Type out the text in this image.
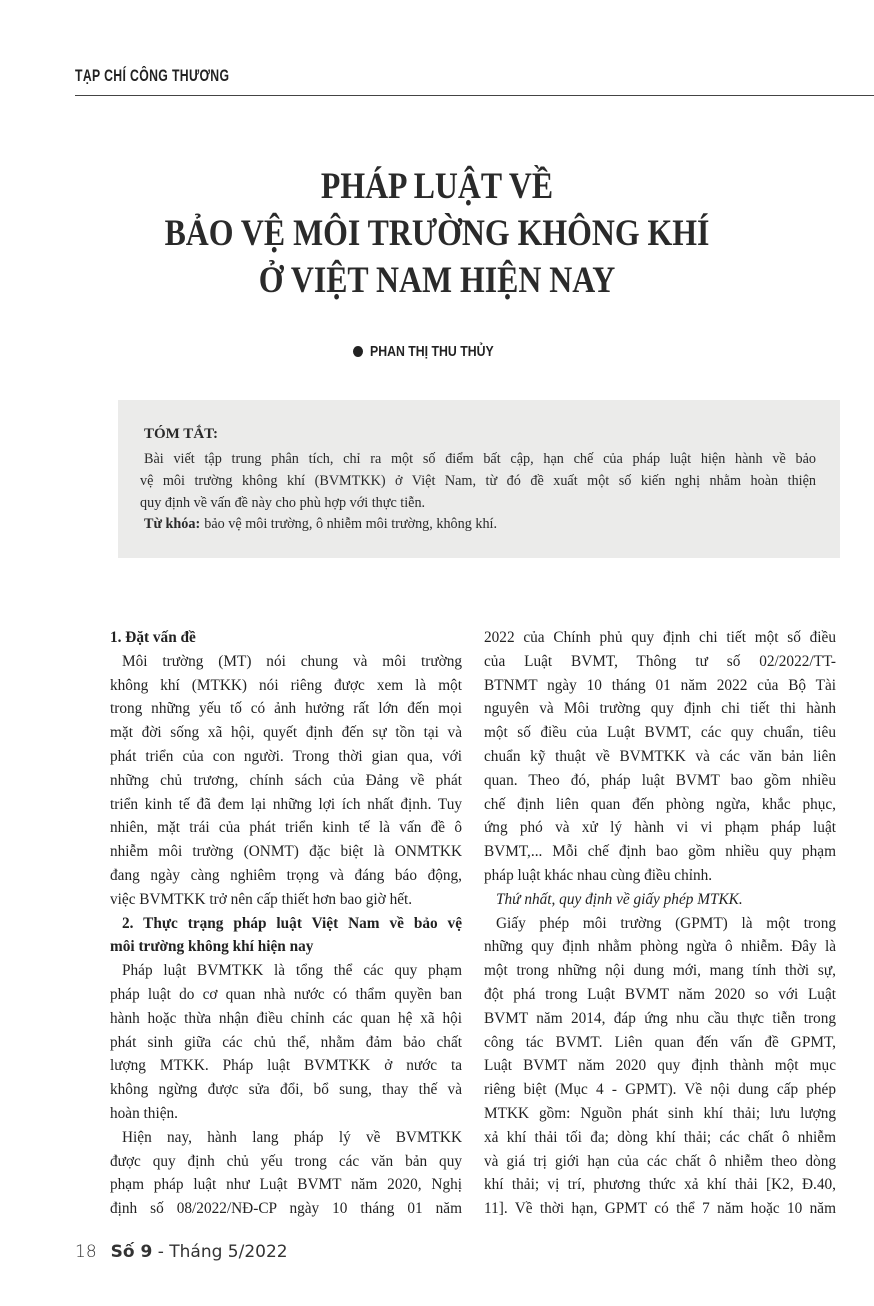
TẠP CHÍ CÔNG THƯƠNG
PHÁP LUẬT VỀ
BẢO VỆ MÔI TRƯỜNG KHÔNG KHÍ
Ở VIỆT NAM HIỆN NAY
PHAN THỊ THU THỦY
TÓM TẮT:
Bài viết tập trung phân tích, chỉ ra một số điểm bất cập, hạn chế của pháp luật hiện hành về bảo
vệ môi trường không khí (BVMTKK) ở Việt Nam, từ đó đề xuất một số kiến nghị nhằm hoàn thiện
quy định về vấn đề này cho phù hợp với thực tiễn.
Từ khóa: bảo vệ môi trường, ô nhiễm môi trường, không khí.
1. Đặt vấn đề
Môi trường (MT) nói chung và môi trường
không khí (MTKK) nói riêng được xem là một
trong những yếu tố có ảnh hưởng rất lớn đến mọi
mặt đời sống xã hội, quyết định đến sự tồn tại và
phát triển của con người. Trong thời gian qua, với
những chủ trương, chính sách của Đảng về phát
triển kinh tế đã đem lại những lợi ích nhất định. Tuy
nhiên, mặt trái của phát triển kinh tế là vấn đề ô
nhiễm môi trường (ONMT) đặc biệt là ONMTKK
đang ngày càng nghiêm trọng và đáng báo động,
việc BVMTKK trở nên cấp thiết hơn bao giờ hết.
2. Thực trạng pháp luật Việt Nam về bảo vệ
môi trường không khí hiện nay
Pháp luật BVMTKK là tổng thể các quy phạm
pháp luật do cơ quan nhà nước có thẩm quyền ban
hành hoặc thừa nhận điều chỉnh các quan hệ xã hội
phát sinh giữa các chủ thể, nhằm đảm bảo chất
lượng MTKK. Pháp luật BVMTKK ở nước ta
không ngừng được sửa đổi, bổ sung, thay thế và
hoàn thiện.
Hiện nay, hành lang pháp lý về BVMTKK
được quy định chủ yếu trong các văn bản quy
phạm pháp luật như Luật BVMT năm 2020, Nghị
định số 08/2022/NĐ-CP ngày 10 tháng 01 năm
2022 của Chính phủ quy định chi tiết một số điều
của Luật BVMT, Thông tư số 02/2022/TT-
BTNMT ngày 10 tháng 01 năm 2022 của Bộ Tài
nguyên và Môi trường quy định chi tiết thi hành
một số điều của Luật BVMT, các quy chuẩn, tiêu
chuẩn kỹ thuật về BVMTKK và các văn bản liên
quan. Theo đó, pháp luật BVMT bao gồm nhiều
chế định liên quan đến phòng ngừa, khắc phục,
ứng phó và xử lý hành vi vi phạm pháp luật
BVMT,... Mỗi chế định bao gồm nhiều quy phạm
pháp luật khác nhau cùng điều chỉnh.
Thứ nhất, quy định về giấy phép MTKK.
Giấy phép môi trường (GPMT) là một trong
những quy định nhằm phòng ngừa ô nhiễm. Đây là
một trong những nội dung mới, mang tính thời sự,
đột phá trong Luật BVMT năm 2020 so với Luật
BVMT năm 2014, đáp ứng nhu cầu thực tiễn trong
công tác BVMT. Liên quan đến vấn đề GPMT,
Luật BVMT năm 2020 quy định thành một mục
riêng biệt (Mục 4 - GPMT). Về nội dung cấp phép
MTKK gồm: Nguồn phát sinh khí thải; lưu lượng
xả khí thải tối đa; dòng khí thải; các chất ô nhiễm
và giá trị giới hạn của các chất ô nhiễm theo dòng
khí thải; vị trí, phương thức xả khí thải [K2, Đ.40,
11]. Về thời hạn, GPMT có thể 7 năm hoặc 10 năm
18 Số 9 - Tháng 5/2022
